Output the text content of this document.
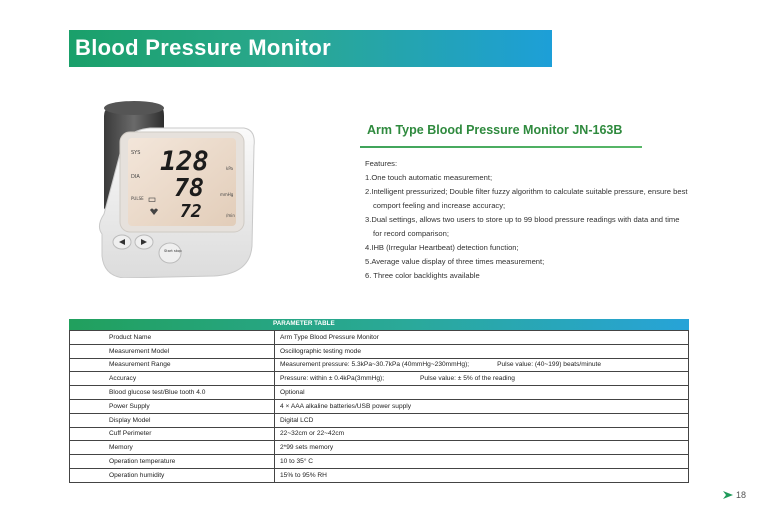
Blood Pressure Monitor
SYS
DIA
PULSE
128
78
72
kPa
mmHg
/min
Start stop
Arm Type Blood Pressure Monitor JN-163B
Features:
1.One touch automatic measurement;
2.Intelligent pressurized; Double filter fuzzy algorithm to calculate suitable pressure, ensure best
comport feeling and increase accuracy;
3.Dual settings, allows two users to store up to 99 blood pressure readings with data and time
for record comparison;
4.IHB (Irregular Heartbeat) detection function;
5.Average value display of three times measurement;
6. Three color backlights available
PARAMETER TABLE
Product Name	Arm Type Blood Pressure Monitor
Measurement Model	Oscillographic testing mode
Measurement Range	Measurement pressure: 5.3kPa~30.7kPa (40mmHg~230mmHg); Pulse value: (40~199) beats/minute
Accuracy	Pressure: within ± 0.4kPa(3mmHg); Pulse value: ± 5% of the reading
Blood glucose test/Blue tooth 4.0	Optional
Power Supply	4 × AAA alkaline batteries/USB power supply
Display Model	Digital LCD
Cuff Perimeter	22~32cm or 22~42cm
Memory	2*99 sets memory
Operation temperature	10 to 35° C
Operation humidity	15% to 95% RH
18
